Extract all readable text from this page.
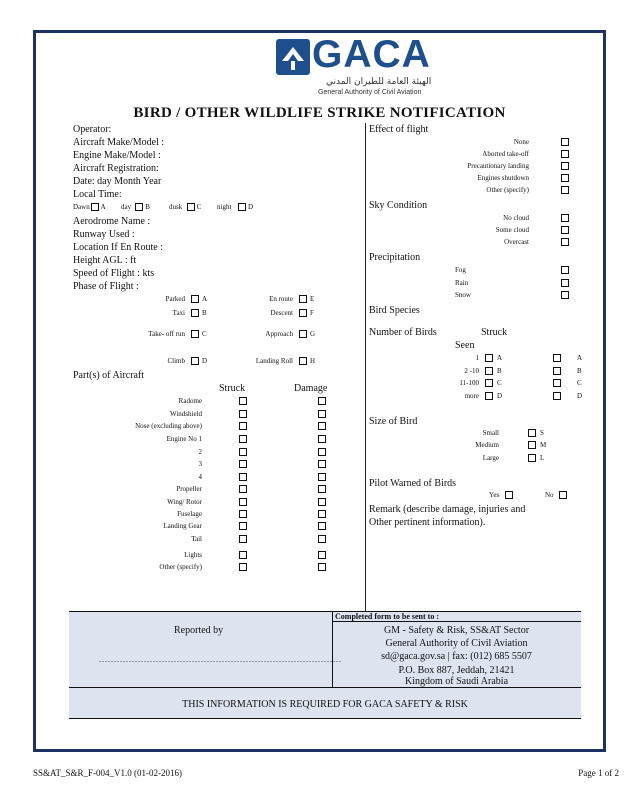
GACA
الهيئة العامة للطيران المدني
General Authority of Civil Aviation
BIRD / OTHER WILDLIFE STRIKE NOTIFICATION
Operator:
Aircraft Make/Model :
Engine Make/Model :
Aircraft Registration:
Date: day Month Year
Local Time:
Dawn A day B	dusk C night D
Aerodrome Name :
Runway Used :
Location If En Route :
Height AGL : ft
Speed of Flight : kts
Phase of Flight :
Parked A	En route E
Taxi B	Descent F
Take- off run C	Approach G
Climb D	Landing Roll H
Part(s) of Aircraft
Struck	Damage
Radome
Windshield
Nose (excluding above)
Engine No 1
2
3
4
Propeller
Wing/ Rotor
Fuselage
Landing Gear
Tail
Lights
Other (specify)
Effect of flight
None
Aborted take-off
Precautionary landing
Engines shutdown
Other (specify)
Sky Condition
No cloud
Some cloud
Overcast
Precipitation
Fog
Rain
Snow
Bird Species
Number of Birds	Struck
Seen
1	A	A
2 -10	B	B
11-100	C	C
more	D	D
Size of Bird
Small	S
Medium	M
Large	L
Pilot Warned of Birds
Yes	No
Remark (describe damage, injuries and
Other pertinent information).
Reported by
.................................................................................
Completed form to be sent to :
GM - Safety & Risk, SS&AT Sector
General Authority of Civil Aviation
sd@gaca.gov.sa | fax: (012) 685 5507
P.O. Box 887, Jeddah, 21421
Kingdom of Saudi Arabia
THIS INFORMATION IS REQUIRED FOR GACA SAFETY & RISK
SS&AT_S&R_F-004_V1.0 (01-02-2016)	Page 1 of 2
